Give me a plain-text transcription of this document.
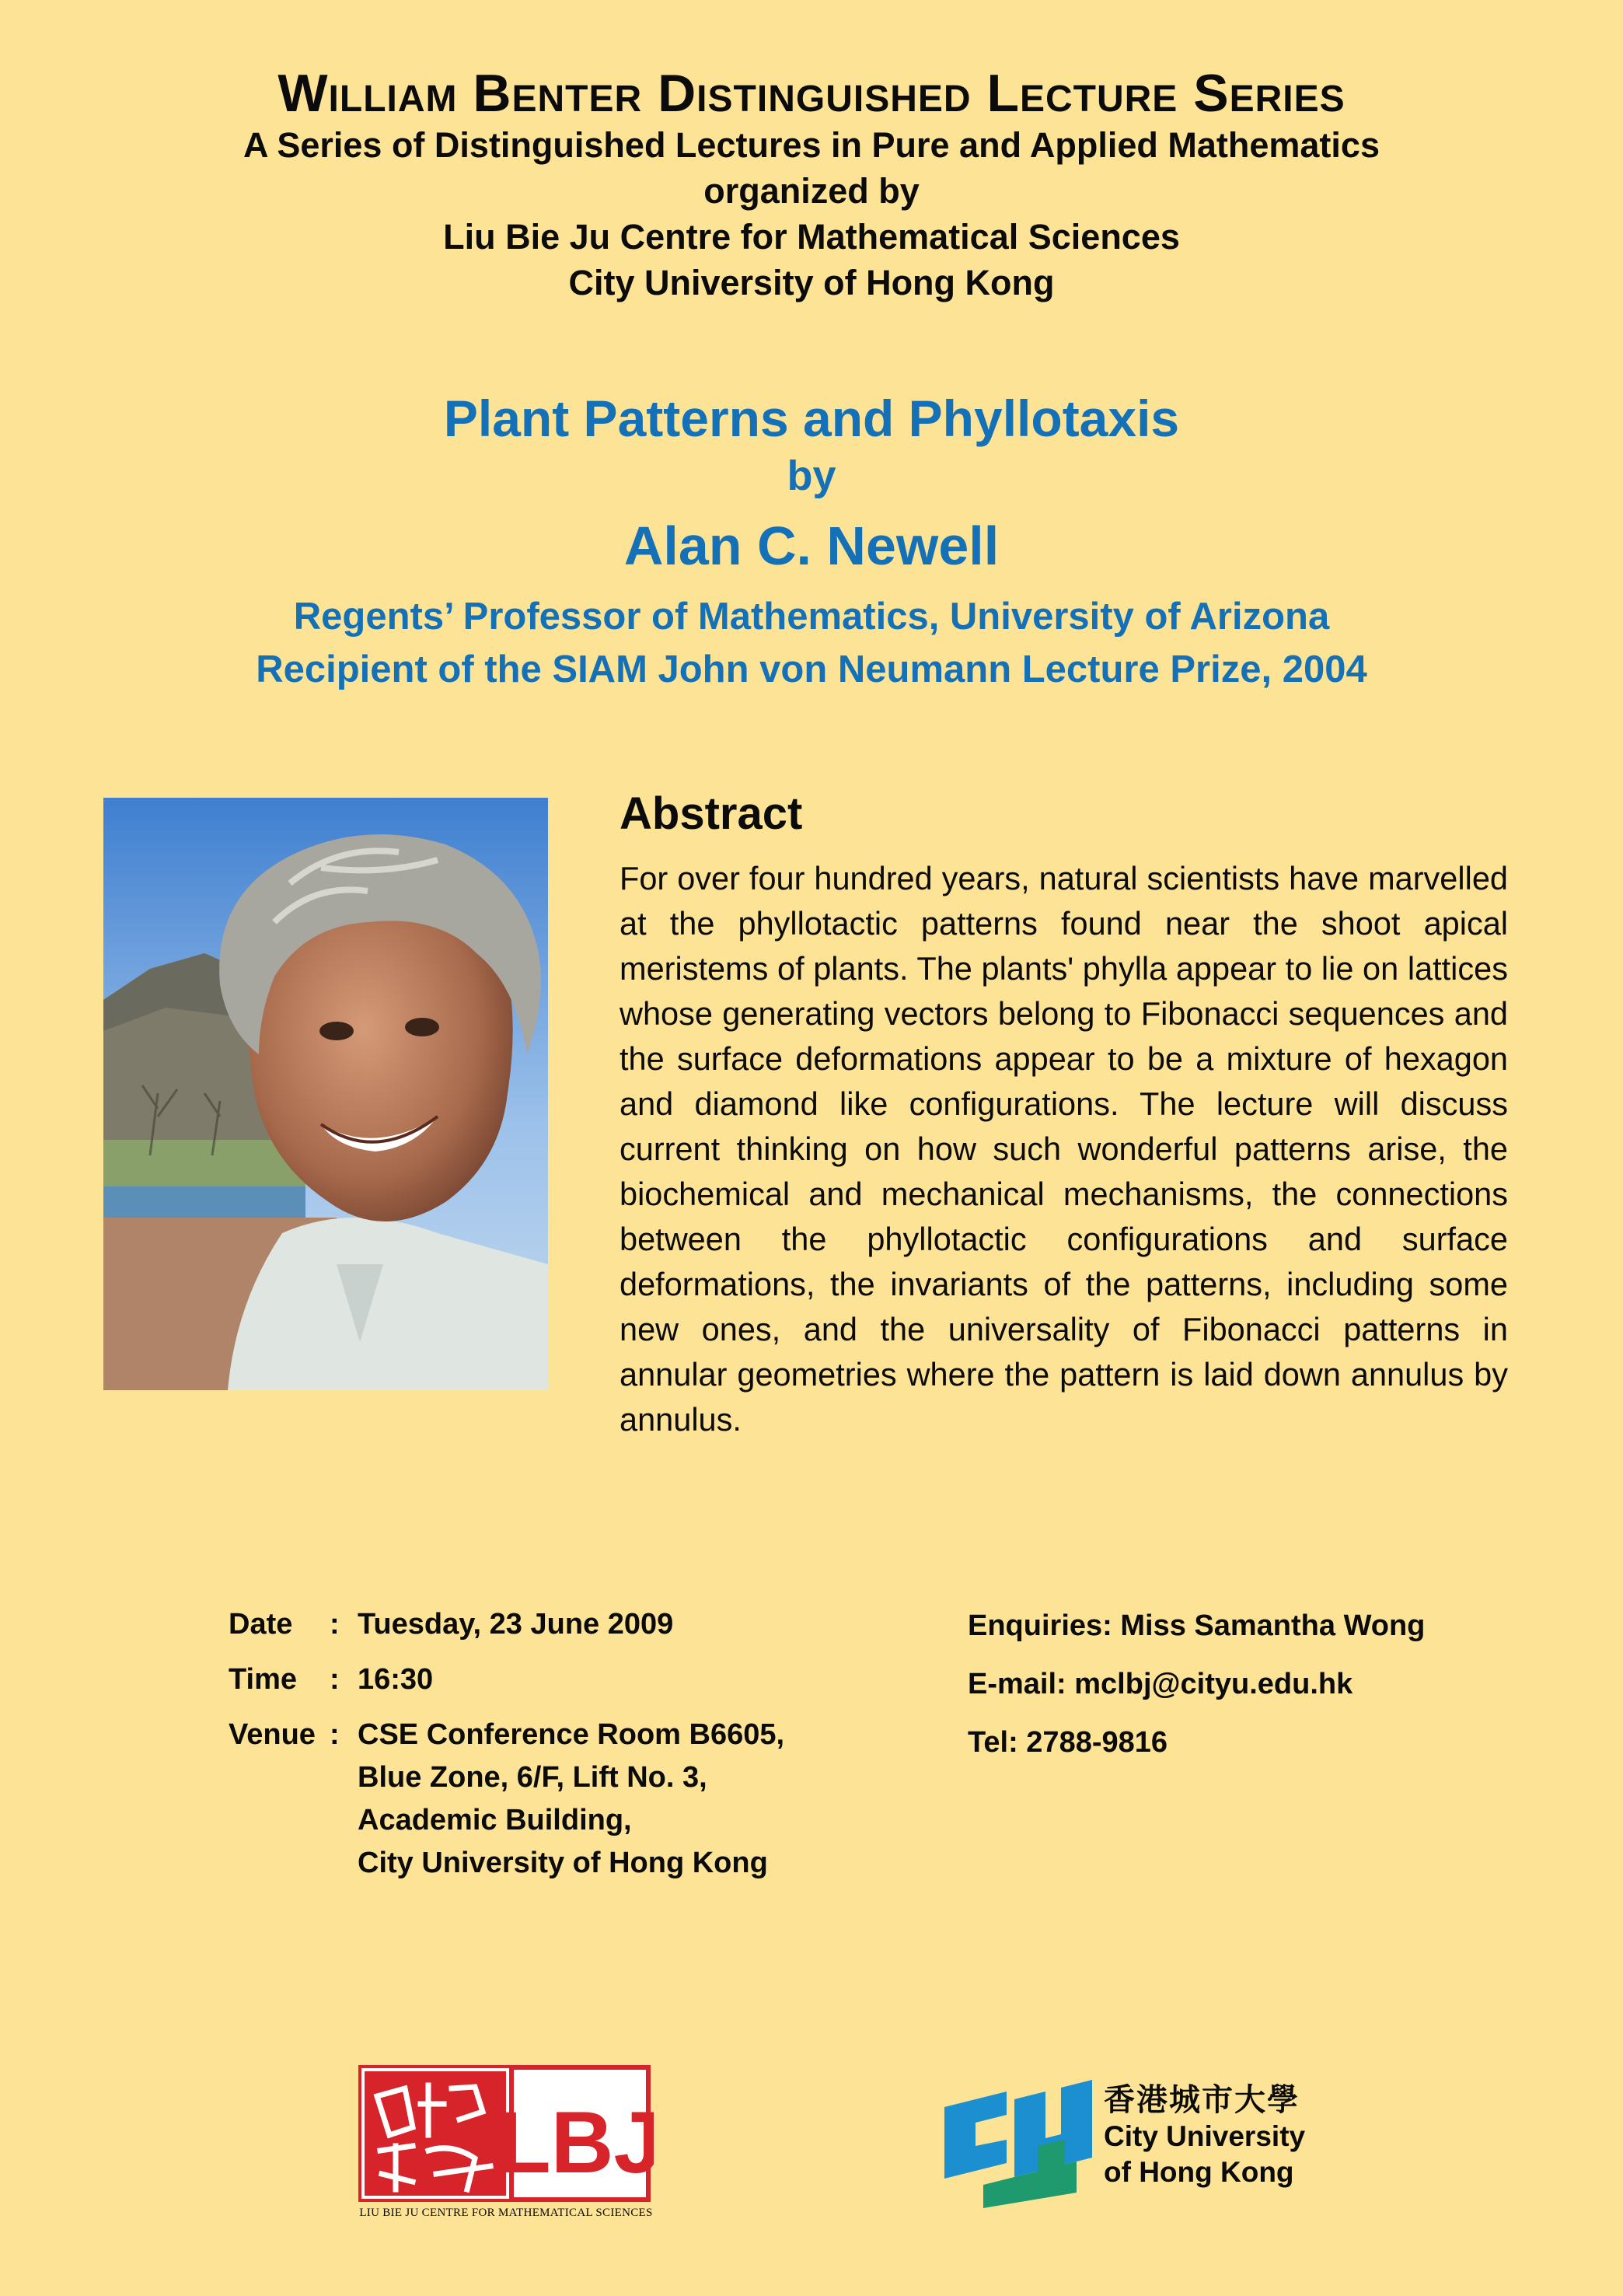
William Benter Distinguished Lecture Series
A Series of Distinguished Lectures in Pure and Applied Mathematics
organized by
Liu Bie Ju Centre for Mathematical Sciences
City University of Hong Kong
Plant Patterns and Phyllotaxis
by
Alan C. Newell
Regents’ Professor of Mathematics, University of Arizona
Recipient of the SIAM John von Neumann Lecture Prize, 2004
Abstract

For over four hundred years, natural scientists have marvelled at the phyllotactic patterns found near the shoot apical meristems of plants. The plants' phylla appear to lie on lattices whose generating vectors belong to Fibonacci sequences and the surface deformations appear to be a mixture of hexagon and diamond like configurations. The lecture will discuss current thinking on how such wonderful patterns arise, the biochemical and mechanical mechanisms, the connections between the phyllotactic configurations and surface deformations, the invariants of the patterns, including some new ones, and the universality of Fibonacci patterns in annular geometries where the pattern is laid down annulus by annulus.

Date	: Tuesday, 23 June 2009
Time	: 16:30
Venue : CSE Conference Room B6605,
Blue Zone, 6/F, Lift No. 3,
Academic Building,
City University of Hong Kong
Enquiries: Miss Samantha Wong
E-mail: mclbj@cityu.edu.hk
Tel: 2788-9816
LBJ
LIU BIE JU CENTRE FOR MATHEMATICAL SCIENCES
香港城市大學
City University
of Hong Kong
